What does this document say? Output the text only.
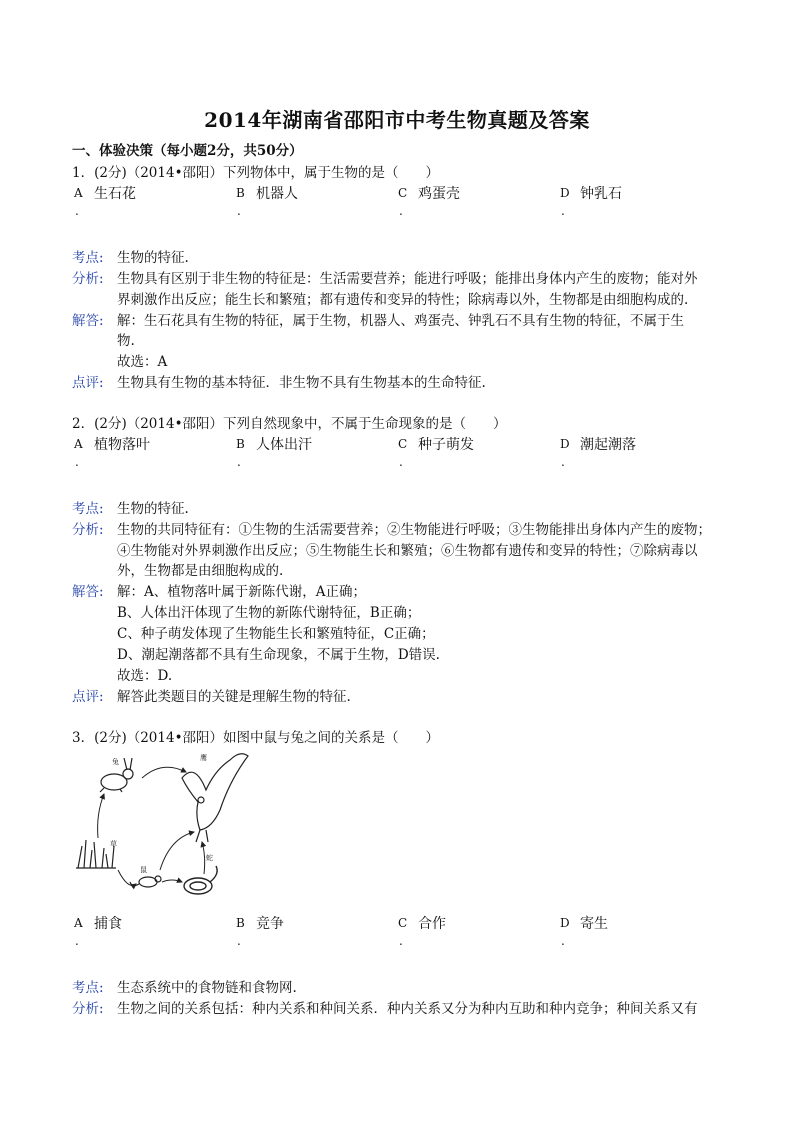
2014年湖南省邵阳市中考生物真题及答案
一、体验决策（每小题2分，共50分）
1．(2分)（2014•邵阳）下列物体中，属于生物的是（　　）
A 生石花
.
B 机器人
.
C 鸡蛋壳
.
D 钟乳石
.
考点: 生物的特征.
分析: 生物具有区别于非生物的特征是：生活需要营养；能进行呼吸；能排出身体内产生的废物；能对外
界刺激作出反应；能生长和繁殖；都有遗传和变异的特性；除病毒以外，生物都是由细胞构成的.
解答: 解：生石花具有生物的特征，属于生物，机器人、鸡蛋壳、钟乳石不具有生物的特征，不属于生
物.
故选：A
点评: 生物具有生物的基本特征．非生物不具有生物基本的生命特征.
2．(2分)（2014•邵阳）下列自然现象中，不属于生命现象的是（　　）
A 植物落叶
.
B 人体出汗
.
C 种子萌发
.
D 潮起潮落
.
考点: 生物的特征.
分析: 生物的共同特征有：①生物的生活需要营养；②生物能进行呼吸；③生物能排出身体内产生的废物；
④生物能对外界刺激作出反应；⑤生物能生长和繁殖；⑥生物都有遗传和变异的特性；⑦除病毒以
外，生物都是由细胞构成的.
解答: 解：A、植物落叶属于新陈代谢，A正确；
B、人体出汗体现了生物的新陈代谢特征，B正确；
C、种子萌发体现了生物能生长和繁殖特征，C正确；
D、潮起潮落都不具有生命现象，不属于生物，D错误.
故选：D.
点评: 解答此类题目的关键是理解生物的特征.
3．(2分)（2014•邵阳）如图中鼠与兔之间的关系是（　　）
兔	鹰
草
鼠
蛇
A 捕食
.
B 竞争
.
C 合作
.
D 寄生
.
考点: 生态系统中的食物链和食物网.
分析: 生物之间的关系包括：种内关系和种间关系．种内关系又分为种内互助和种内竞争；种间关系又有
